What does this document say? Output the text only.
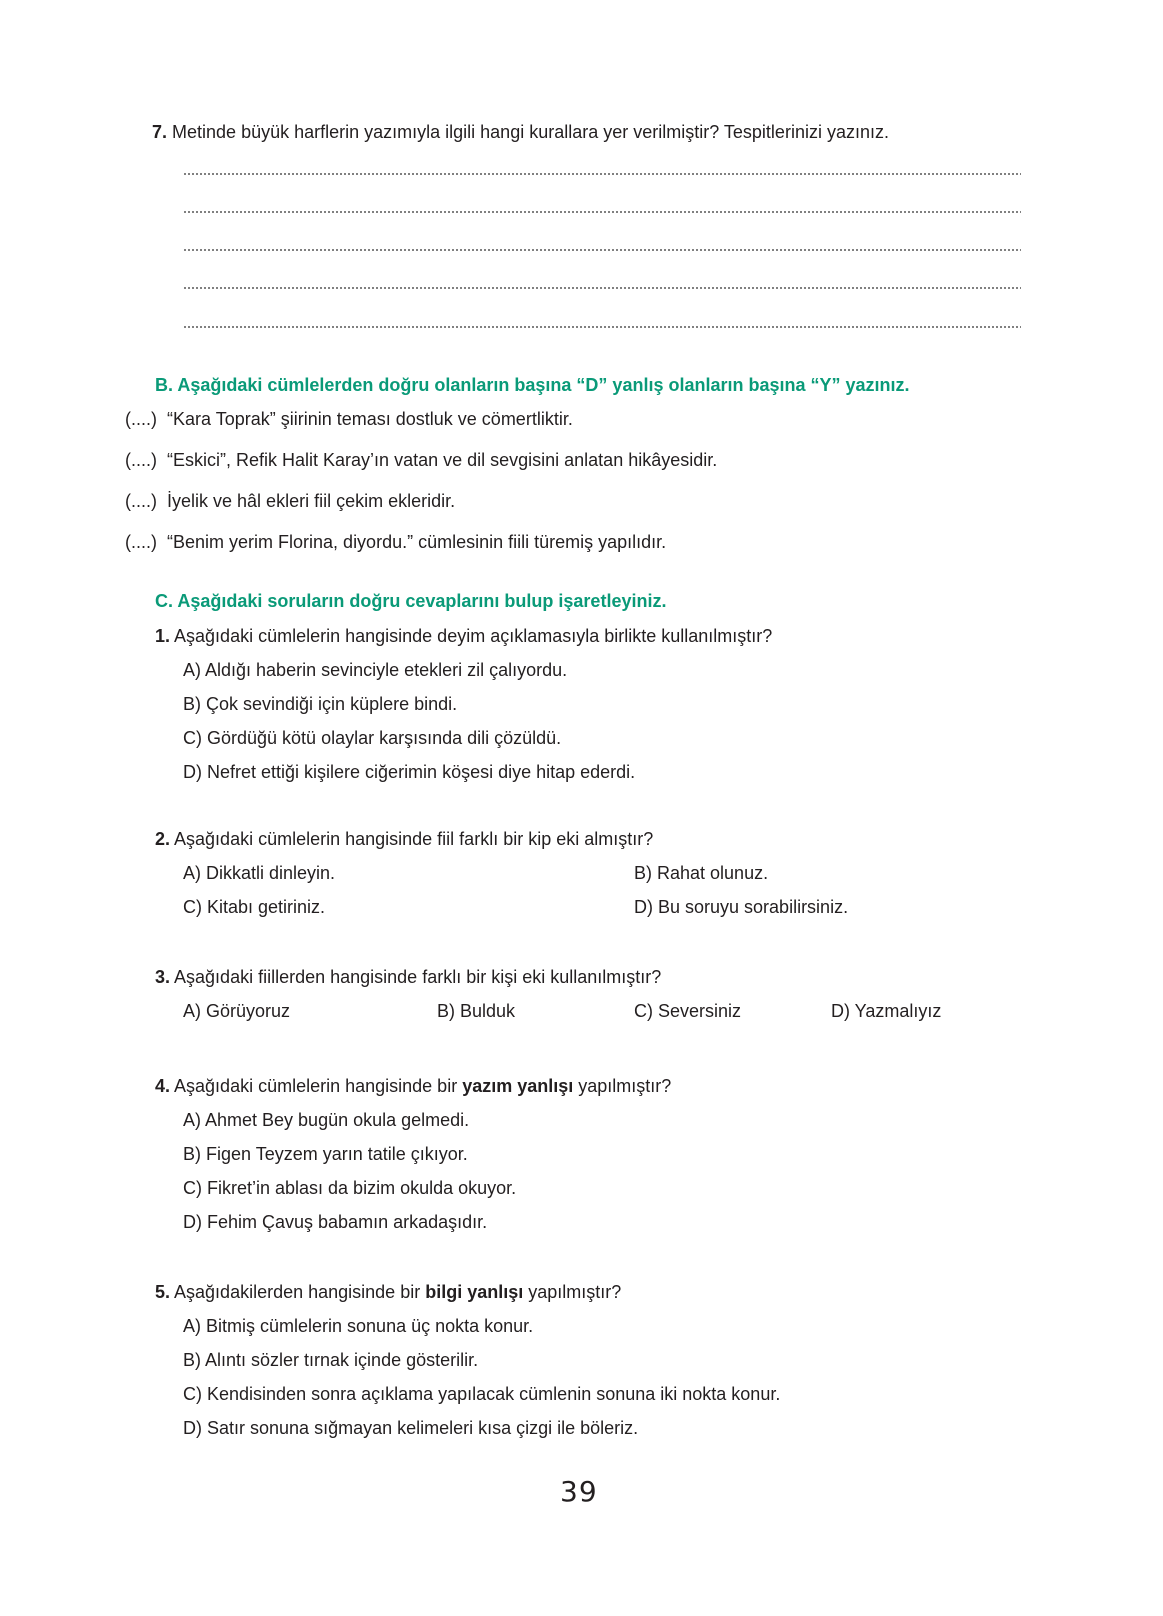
7. Metinde büyük harflerin yazımıyla ilgili hangi kurallara yer verilmiştir? Tespitlerinizi yazınız.
B. Aşağıdaki cümlelerden doğru olanların başına “D” yanlış olanların başına “Y” yazınız.
(....) “Kara Toprak” şiirinin teması dostluk ve cömertliktir.
(....) “Eskici”, Refik Halit Karay’ın vatan ve dil sevgisini anlatan hikâyesidir.
(....) İyelik ve hâl ekleri fiil çekim ekleridir.
(....) “Benim yerim Florina, diyordu.” cümlesinin fiili türemiş yapılıdır.
C. Aşağıdaki soruların doğru cevaplarını bulup işaretleyiniz.
1. Aşağıdaki cümlelerin hangisinde deyim açıklamasıyla birlikte kullanılmıştır?
A) Aldığı haberin sevinciyle etekleri zil çalıyordu.
B) Çok sevindiği için küplere bindi.
C) Gördüğü kötü olaylar karşısında dili çözüldü.
D) Nefret ettiği kişilere ciğerimin köşesi diye hitap ederdi.
2. Aşağıdaki cümlelerin hangisinde fiil farklı bir kip eki almıştır?
A) Dikkatli dinleyin.	B) Rahat olunuz.
C) Kitabı getiriniz.	D) Bu soruyu sorabilirsiniz.
3. Aşağıdaki fiillerden hangisinde farklı bir kişi eki kullanılmıştır?
A) Görüyoruz	B) Bulduk	C) Seversiniz	D) Yazmalıyız
4. Aşağıdaki cümlelerin hangisinde bir yazım yanlışı yapılmıştır?
A) Ahmet Bey bugün okula gelmedi.
B) Figen Teyzem yarın tatile çıkıyor.
C) Fikret’in ablası da bizim okulda okuyor.
D) Fehim Çavuş babamın arkadaşıdır.
5. Aşağıdakilerden hangisinde bir bilgi yanlışı yapılmıştır?
A) Bitmiş cümlelerin sonuna üç nokta konur.
B) Alıntı sözler tırnak içinde gösterilir.
C) Kendisinden sonra açıklama yapılacak cümlenin sonuna iki nokta konur.
D) Satır sonuna sığmayan kelimeleri kısa çizgi ile böleriz.
39
